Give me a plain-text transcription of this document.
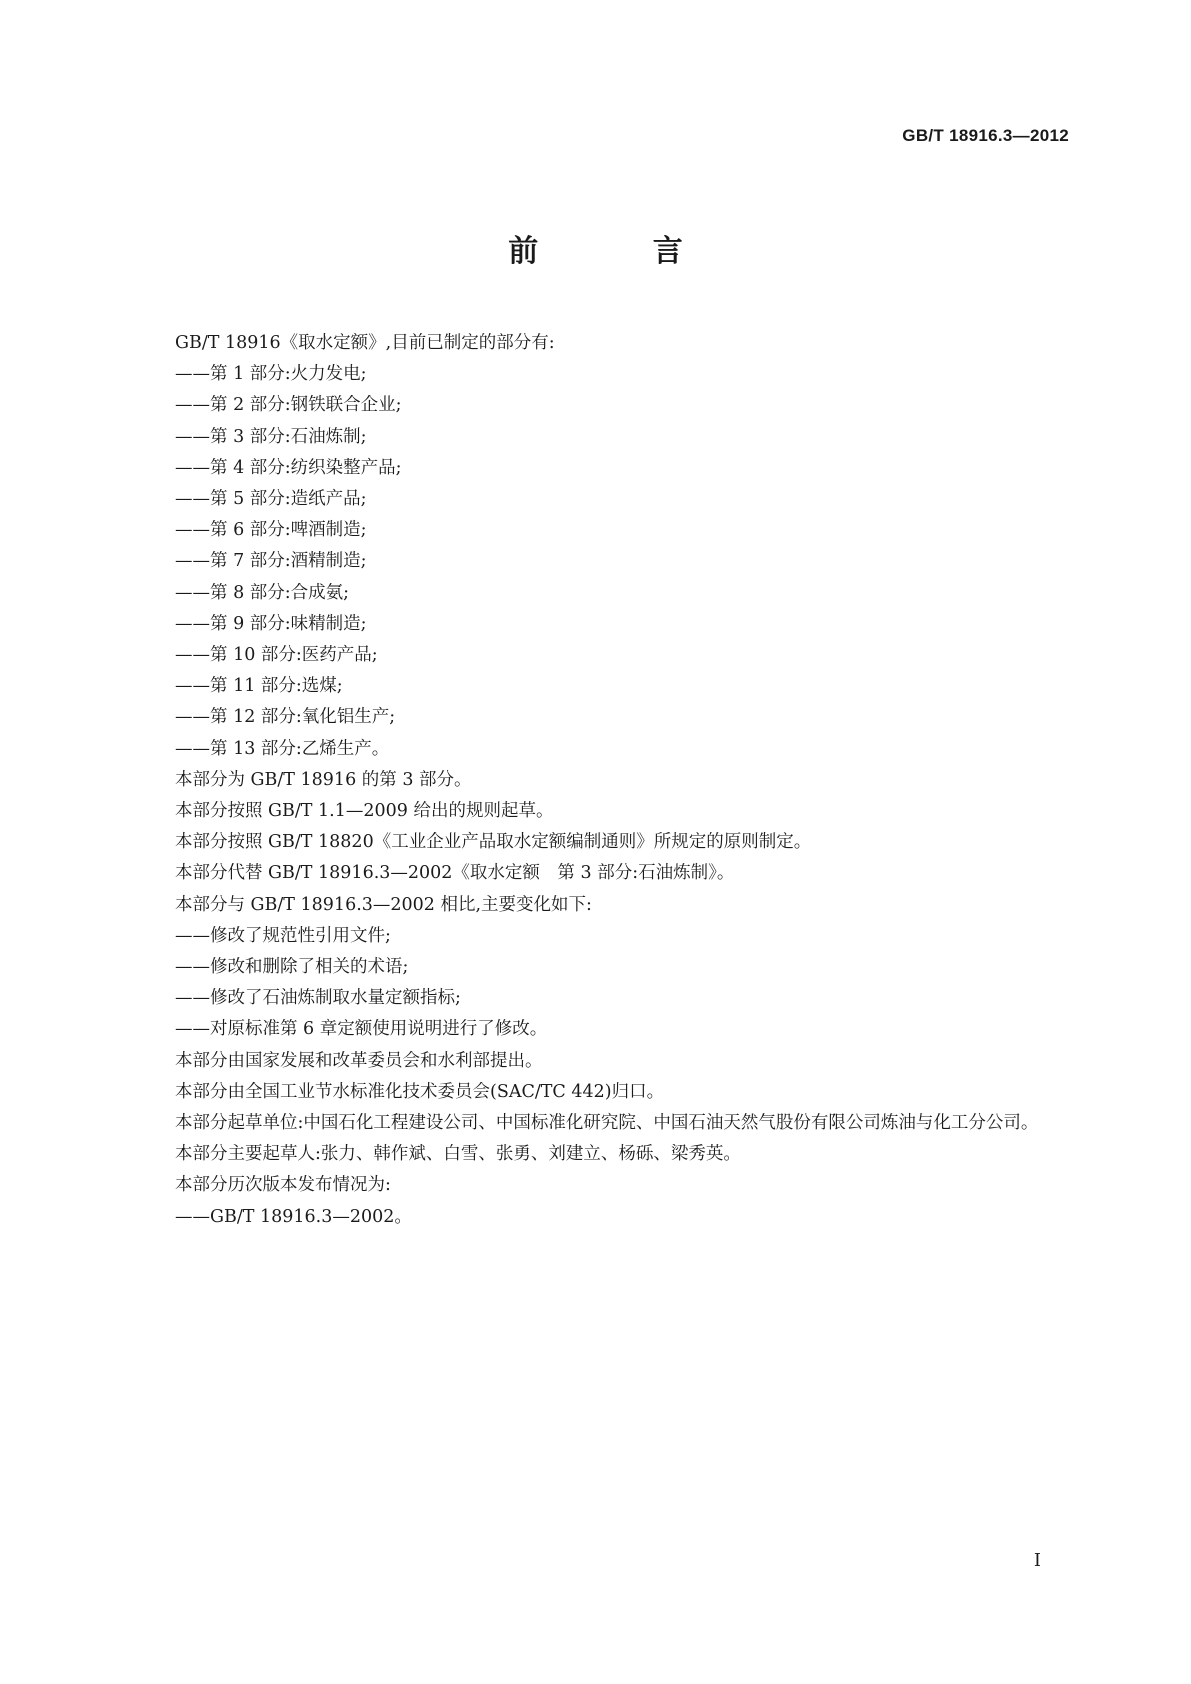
GB/T 18916.3—2012
前 言

GB/T 18916《取水定额》,目前已制定的部分有:

——第 1 部分:火力发电;

——第 2 部分:钢铁联合企业;

——第 3 部分:石油炼制;

——第 4 部分:纺织染整产品;

——第 5 部分:造纸产品;

——第 6 部分:啤酒制造;

——第 7 部分:酒精制造;

——第 8 部分:合成氨;

——第 9 部分:味精制造;

——第 10 部分:医药产品;

——第 11 部分:选煤;

——第 12 部分:氧化铝生产;

——第 13 部分:乙烯生产。

本部分为 GB/T 18916 的第 3 部分。

本部分按照 GB/T 1.1—2009 给出的规则起草。

本部分按照 GB/T 18820《工业企业产品取水定额编制通则》所规定的原则制定。

本部分代替 GB/T 18916.3—2002《取水定额　第 3 部分:石油炼制》。

本部分与 GB/T 18916.3—2002 相比,主要变化如下:

——修改了规范性引用文件;

——修改和删除了相关的术语;

——修改了石油炼制取水量定额指标;

——对原标准第 6 章定额使用说明进行了修改。

本部分由国家发展和改革委员会和水利部提出。

本部分由全国工业节水标准化技术委员会(SAC/TC 442)归口。

本部分起草单位:中国石化工程建设公司、中国标准化研究院、中国石油天然气股份有限公司炼油与化工分公司。

本部分主要起草人:张力、韩作斌、白雪、张勇、刘建立、杨砾、梁秀英。

本部分历次版本发布情况为:

——GB/T 18916.3—2002。

I
